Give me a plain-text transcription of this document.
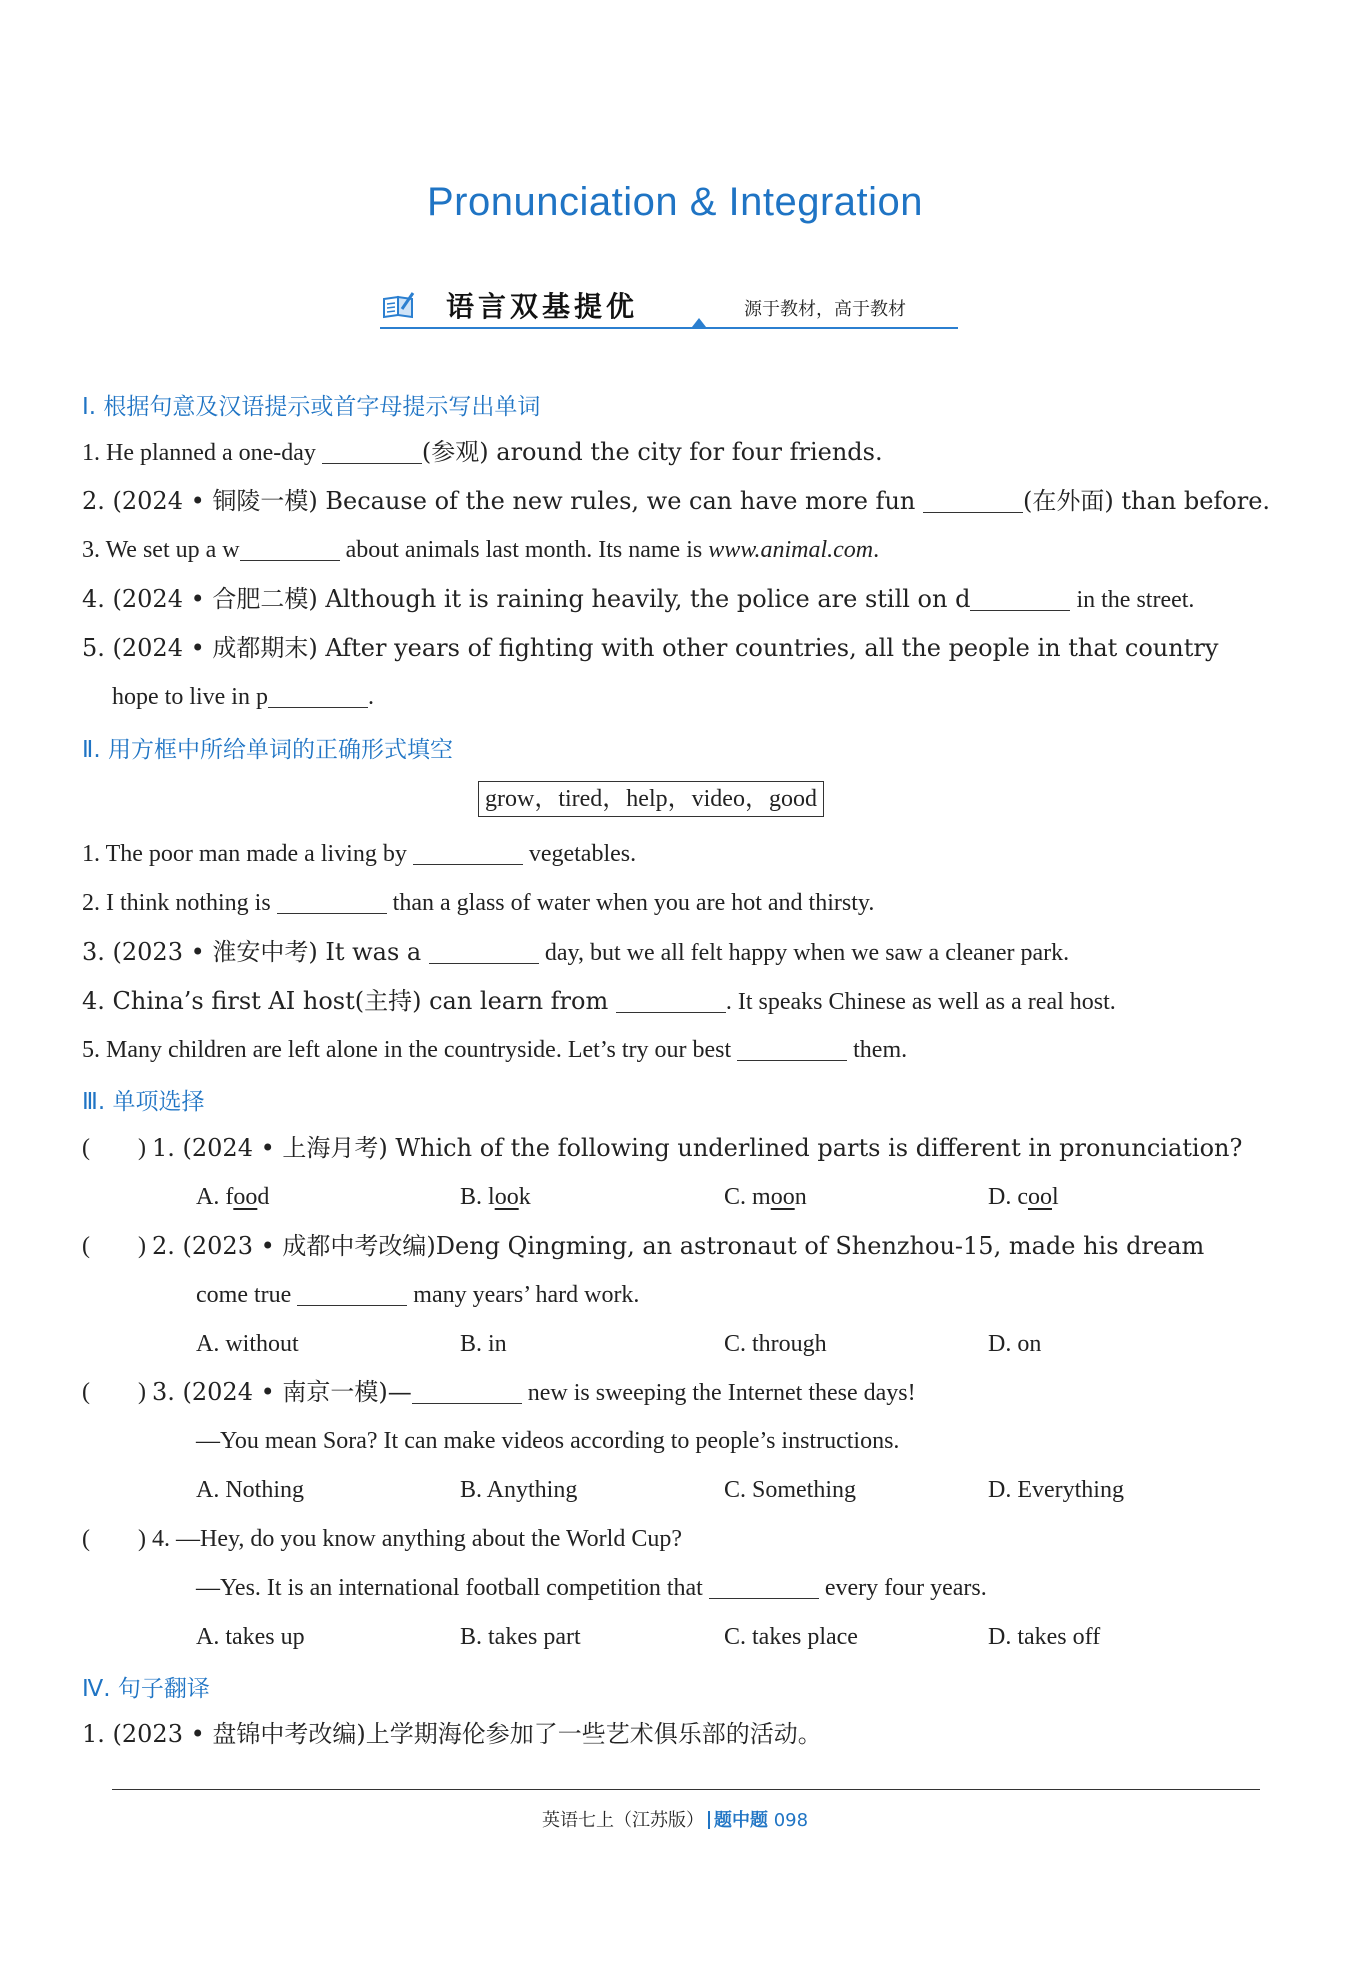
Pronunciation & Integration
语言双基提优	源于教材，高于教材
Ⅰ. 根据句意及汉语提示或首字母提示写出单词
1. He planned a one-day	(参观) around the city for four friends.
2. (2024 • 铜陵一模) Because of the new rules, we can have more fun	(在外面) than before.
3. We set up a w	about animals last month. Its name is www.animal.com.
4. (2024 • 合肥二模) Although it is raining heavily, the police are still on d	in the street.
5. (2024 • 成都期末) After years of fighting with other countries, all the people in that country
hope to live in p	.
Ⅱ. 用方框中所给单词的正确形式填空
grow，tired，help，video，good
1. The poor man made a living by	vegetables.
2. I think nothing is	than a glass of water when you are hot and thirsty.
3. (2023 • 淮安中考) It was a	day, but we all felt happy when we saw a cleaner park.
4. China’s first AI host(主持) can learn from	. It speaks Chinese as well as a real host.
5. Many children are left alone in the countryside. Let’s try our best	them.
Ⅲ. 单项选择
(　　) 1. (2024 • 上海月考) Which of the following underlined parts is different in pronunciation?
A. food	B. look	C. moon	D. cool
(　　) 2. (2023 • 成都中考改编)Deng Qingming, an astronaut of Shenzhou-15, made his dream
come true	many years’ hard work.
A. without	B. in	C. through	D. on
(　　) 3. (2024 • 南京一模)—	new is sweeping the Internet these days!
—You mean Sora? It can make videos according to people’s instructions.
A. Nothing	B. Anything	C. Something	D. Everything
(　　) 4. —Hey, do you know anything about the World Cup?
—Yes. It is an international football competition that	every four years.
A. takes up	B. takes part	C. takes place	D. takes off
Ⅳ. 句子翻译
1. (2023 • 盘锦中考改编)上学期海伦参加了一些艺术俱乐部的活动。
英语七上（江苏版） 题中题 098
